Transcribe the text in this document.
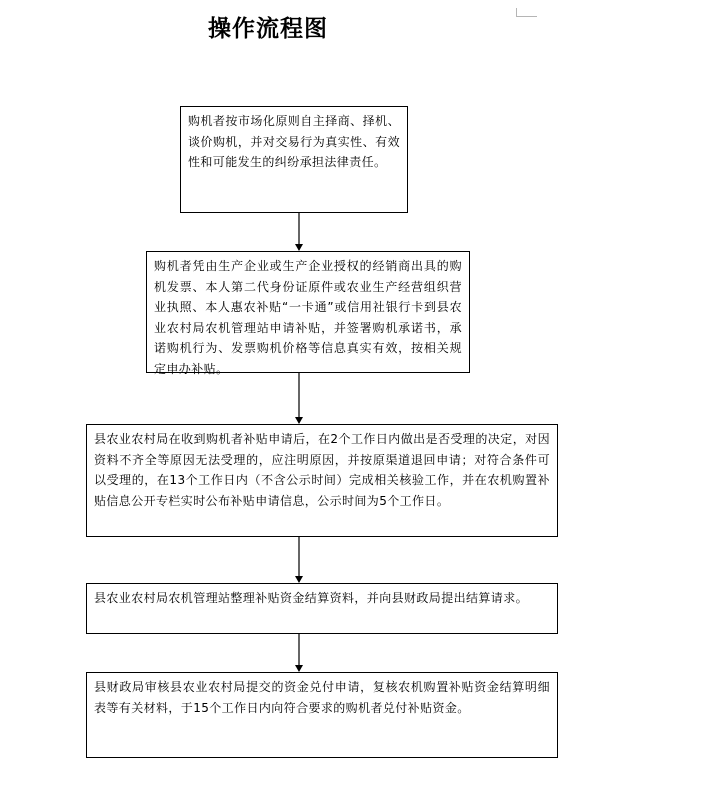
操作流程图
购机者按市场化原则自主择商、择机、谈价购机，并对交易行为真实性、有效性和可能发生的纠纷承担法律责任。
购机者凭由生产企业或生产企业授权的经销商出具的购机发票、本人第二代身份证原件或农业生产经营组织营业执照、本人惠农补贴“一卡通”或信用社银行卡到县农业农村局农机管理站申请补贴，并签署购机承诺书，承诺购机行为、发票购机价格等信息真实有效，按相关规定申办补贴。
县农业农村局在收到购机者补贴申请后，在2个工作日内做出是否受理的决定，对因资料不齐全等原因无法受理的，应注明原因，并按原渠道退回申请；对符合条件可以受理的，在13个工作日内（不含公示时间）完成相关核验工作，并在农机购置补贴信息公开专栏实时公布补贴申请信息，公示时间为5个工作日。
县农业农村局农机管理站整理补贴资金结算资料，并向县财政局提出结算请求。
县财政局审核县农业农村局提交的资金兑付申请，复核农机购置补贴资金结算明细表等有关材料，于15个工作日内向符合要求的购机者兑付补贴资金。
